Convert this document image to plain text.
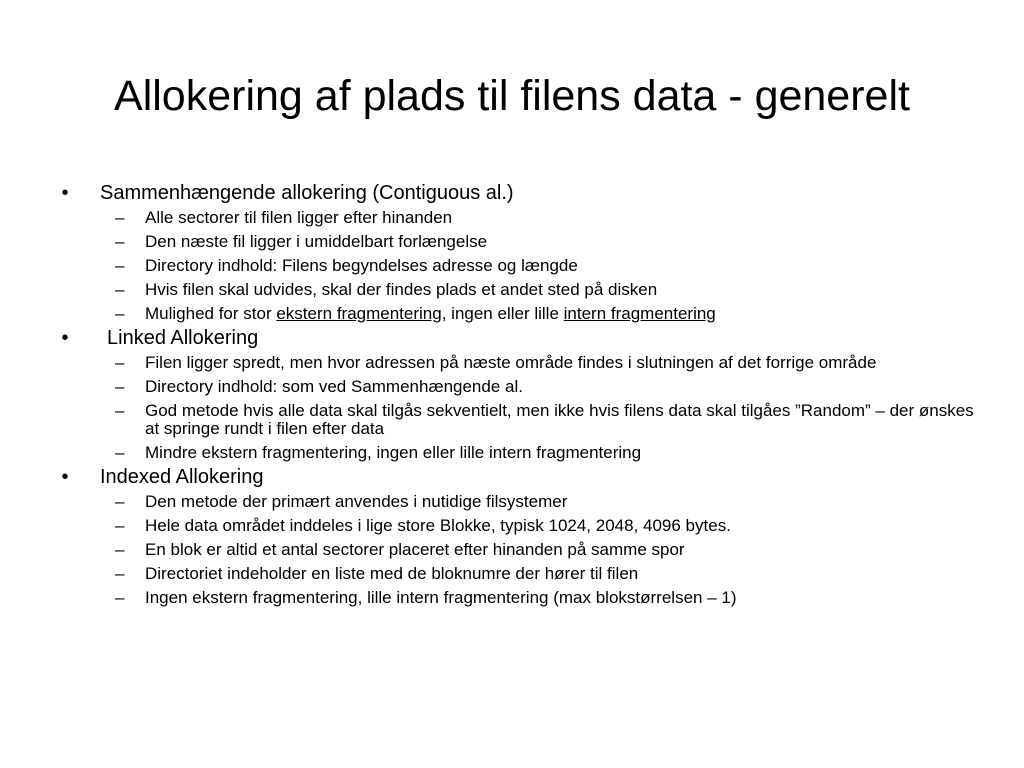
Allokering af plads til filens data - generelt
• Sammenhængende allokering (Contiguous al.)
– Alle sectorer til filen ligger efter hinanden
– Den næste fil ligger i umiddelbart forlængelse
– Directory indhold: Filens begyndelses adresse og længde
– Hvis filen skal udvides, skal der findes plads et andet sted på disken
– Mulighed for stor ekstern fragmentering, ingen eller lille intern fragmentering
• Linked Allokering
– Filen ligger spredt, men hvor adressen på næste område findes i slutningen af det forrige område
– Directory indhold: som ved Sammenhængende al.
– God metode hvis alle data skal tilgås sekventielt, men ikke hvis filens data skal tilgåes ”Random” – der ønskes at springe rundt i filen efter data
– Mindre ekstern fragmentering, ingen eller lille intern fragmentering
• Indexed Allokering
– Den metode der primært anvendes i nutidige filsystemer
– Hele data området inddeles i lige store Blokke, typisk 1024, 2048, 4096 bytes.
– En blok er altid et antal sectorer placeret efter hinanden på samme spor
– Directoriet indeholder en liste med de bloknumre der hører til filen
– Ingen ekstern fragmentering, lille intern fragmentering (max blokstørrelsen – 1)
